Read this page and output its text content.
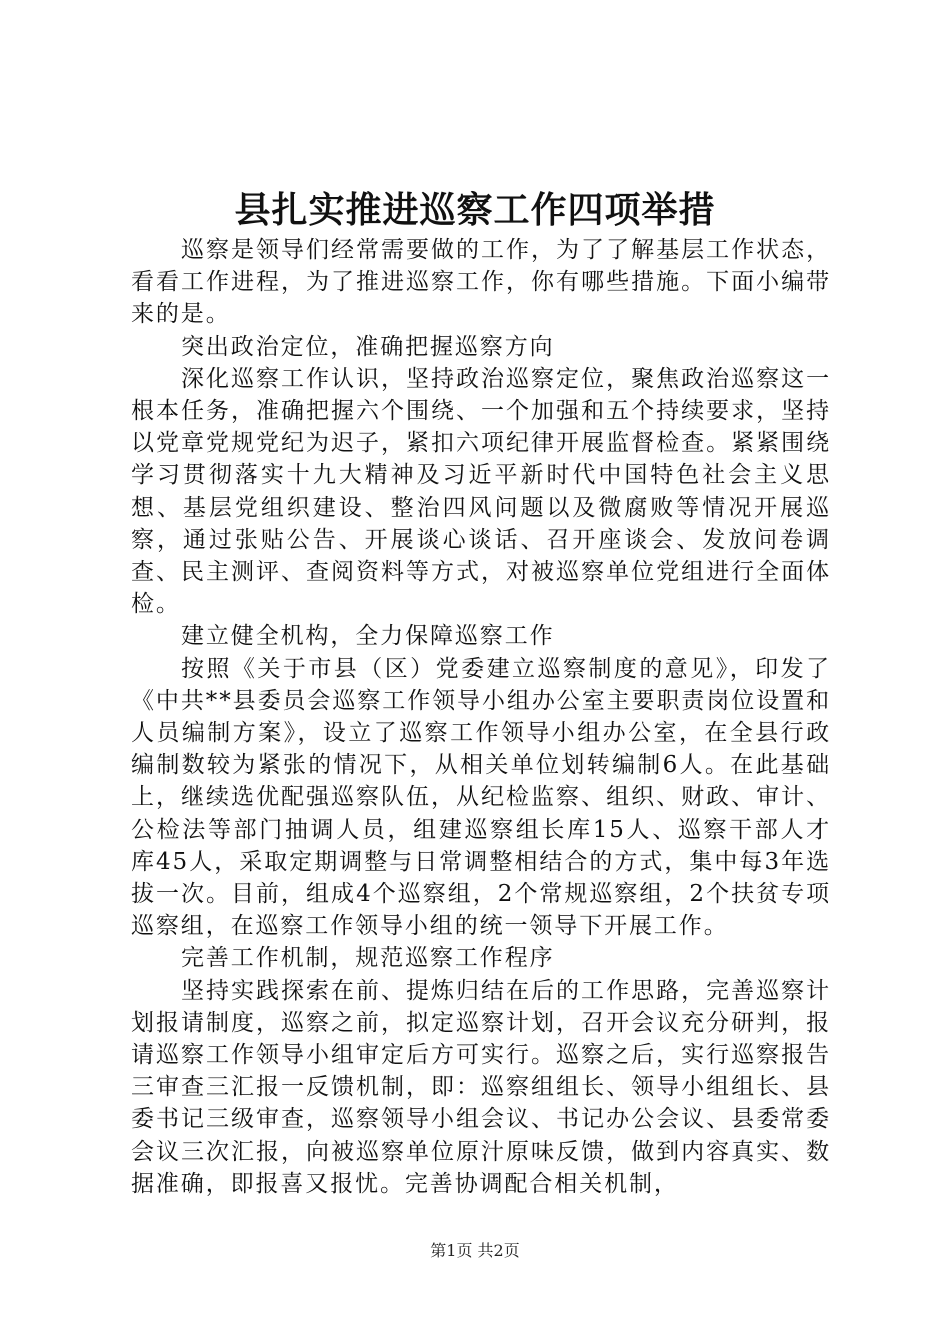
县扎实推进巡察工作四项举措

巡察是领导们经常需要做的工作，为了了解基层工作状态，看看工作进程，为了推进巡察工作，你有哪些措施。下面小编带来的是。

突出政治定位，准确把握巡察方向

深化巡察工作认识，坚持政治巡察定位，聚焦政治巡察这一根本任务，准确把握六个围绕、一个加强和五个持续要求，坚持以党章党规党纪为迟子，紧扣六项纪律开展监督检查。紧紧围绕学习贯彻落实十九大精神及习近平新时代中国特色社会主义思想、基层党组织建设、整治四风问题以及微腐败等情况开展巡察，通过张贴公告、开展谈心谈话、召开座谈会、发放问卷调查、民主测评、查阅资料等方式，对被巡察单位党组进行全面体检。

建立健全机构，全力保障巡察工作

按照《关于市县（区）党委建立巡察制度的意见》，印发了《中共**县委员会巡察工作领导小组办公室主要职责岗位设置和人员编制方案》，设立了巡察工作领导小组办公室，在全县行政编制数较为紧张的情况下，从相关单位划转编制6人。在此基础上，继续选优配强巡察队伍，从纪检监察、组织、财政、审计、公检法等部门抽调人员，组建巡察组长库15人、巡察干部人才库45人，采取定期调整与日常调整相结合的方式，集中每3年选拔一次。目前，组成4个巡察组，2个常规巡察组，2个扶贫专项巡察组，在巡察工作领导小组的统一领导下开展工作。

完善工作机制，规范巡察工作程序

坚持实践探索在前、提炼归结在后的工作思路，完善巡察计划报请制度，巡察之前，拟定巡察计划，召开会议充分研判，报请巡察工作领导小组审定后方可实行。巡察之后，实行巡察报告三审查三汇报一反馈机制，即：巡察组组长、领导小组组长、县委书记三级审查，巡察领导小组会议、书记办公会议、县委常委会议三次汇报，向被巡察单位原汁原味反馈，做到内容真实、数据准确，即报喜又报忧。完善协调配合相关机制，

第1页 共2页
